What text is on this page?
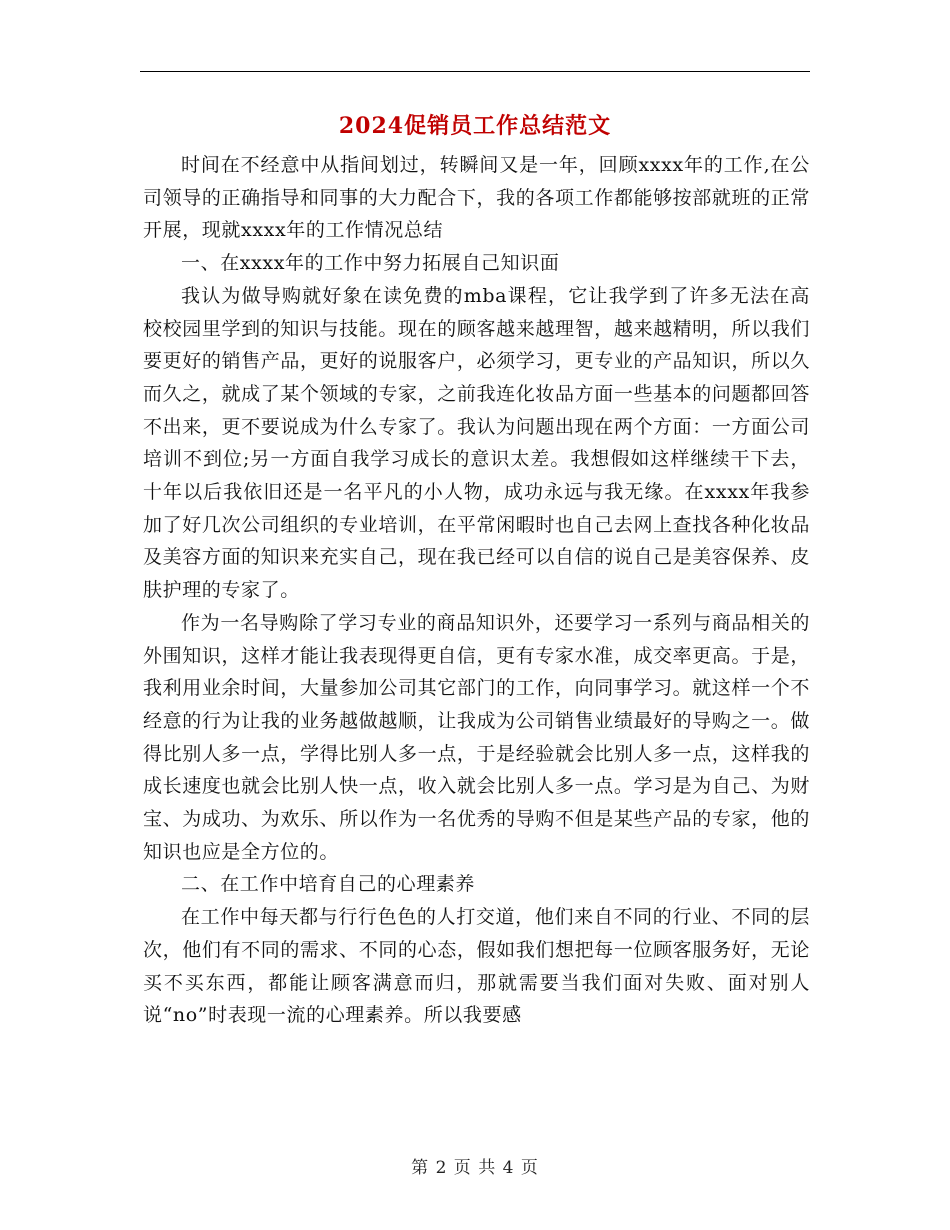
2024促销员工作总结范文

时间在不经意中从指间划过，转瞬间又是一年，回顾xxxx年的工作,在公司领导的正确指导和同事的大力配合下，我的各项工作都能够按部就班的正常开展，现就xxxx年的工作情况总结

一、在xxxx年的工作中努力拓展自己知识面

我认为做导购就好象在读免费的mba课程，它让我学到了许多无法在高校校园里学到的知识与技能。现在的顾客越来越理智，越来越精明，所以我们要更好的销售产品，更好的说服客户，必须学习，更专业的产品知识，所以久而久之，就成了某个领域的专家，之前我连化妆品方面一些基本的问题都回答不出来，更不要说成为什么专家了。我认为问题出现在两个方面：一方面公司培训不到位;另一方面自我学习成长的意识太差。我想假如这样继续干下去，十年以后我依旧还是一名平凡的小人物，成功永远与我无缘。在xxxx年我参加了好几次公司组织的专业培训，在平常闲暇时也自己去网上查找各种化妆品及美容方面的知识来充实自己，现在我已经可以自信的说自己是美容保养、皮肤护理的专家了。

作为一名导购除了学习专业的商品知识外，还要学习一系列与商品相关的外围知识，这样才能让我表现得更自信，更有专家水准，成交率更高。于是，我利用业余时间，大量参加公司其它部门的工作，向同事学习。就这样一个不经意的行为让我的业务越做越顺，让我成为公司销售业绩最好的导购之一。做得比别人多一点，学得比别人多一点，于是经验就会比别人多一点，这样我的成长速度也就会比别人快一点，收入就会比别人多一点。学习是为自己、为财宝、为成功、为欢乐、所以作为一名优秀的导购不但是某些产品的专家，他的知识也应是全方位的。

二、在工作中培育自己的心理素养

在工作中每天都与行行色色的人打交道，他们来自不同的行业、不同的层次，他们有不同的需求、不同的心态，假如我们想把每一位顾客服务好，无论买不买东西，都能让顾客满意而归，那就需要当我们面对失败、面对别人说“no”时表现一流的心理素养。所以我要感

第 2 页 共 4 页
